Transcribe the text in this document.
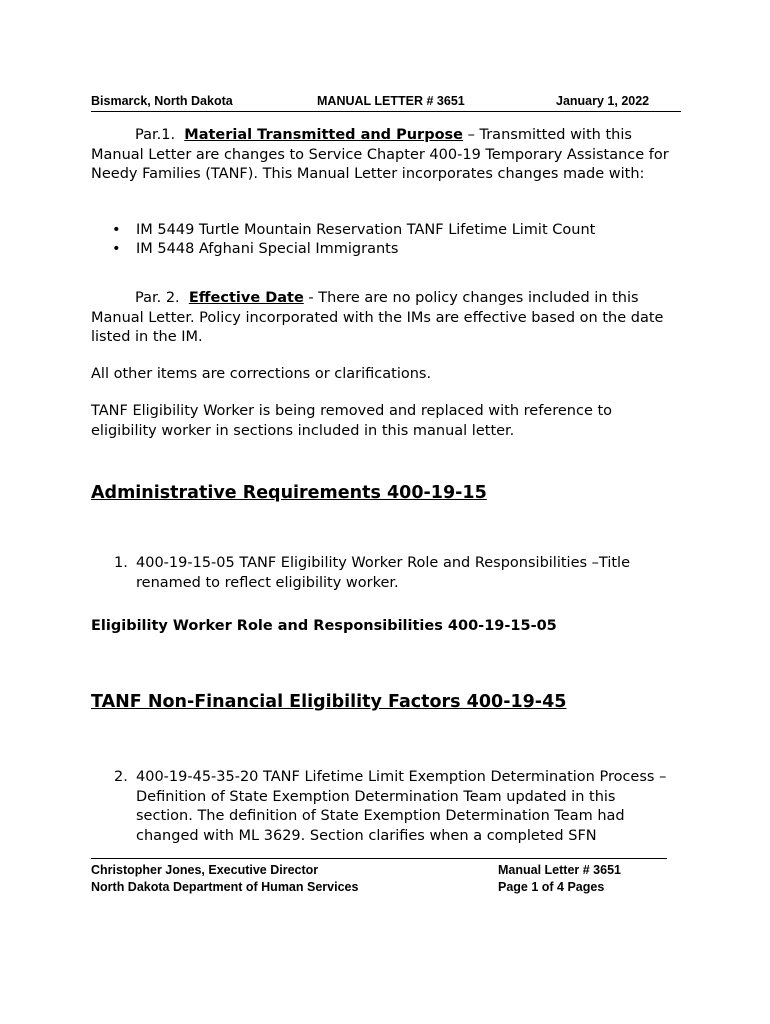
Bismarck, North Dakota	MANUAL LETTER # 3651	January 1, 2022
Par.1. Material Transmitted and Purpose – Transmitted with this Manual Letter are changes to Service Chapter 400-19 Temporary Assistance for Needy Families (TANF). This Manual Letter incorporates changes made with:
• IM 5449 Turtle Mountain Reservation TANF Lifetime Limit Count
• IM 5448 Afghani Special Immigrants
Par. 2. Effective Date - There are no policy changes included in this Manual Letter. Policy incorporated with the IMs are effective based on the date listed in the IM.
All other items are corrections or clarifications.
TANF Eligibility Worker is being removed and replaced with reference to eligibility worker in sections included in this manual letter.
Administrative Requirements 400-19-15
1. 400-19-15-05 TANF Eligibility Worker Role and Responsibilities –Title renamed to reflect eligibility worker.
Eligibility Worker Role and Responsibilities 400-19-15-05
TANF Non-Financial Eligibility Factors 400-19-45
2. 400-19-45-35-20 TANF Lifetime Limit Exemption Determination Process – Definition of State Exemption Determination Team updated in this section. The definition of State Exemption Determination Team had changed with ML 3629. Section clarifies when a completed SFN
Christopher Jones, Executive Director
North Dakota Department of Human Services
Manual Letter # 3651
Page 1 of 4 Pages
